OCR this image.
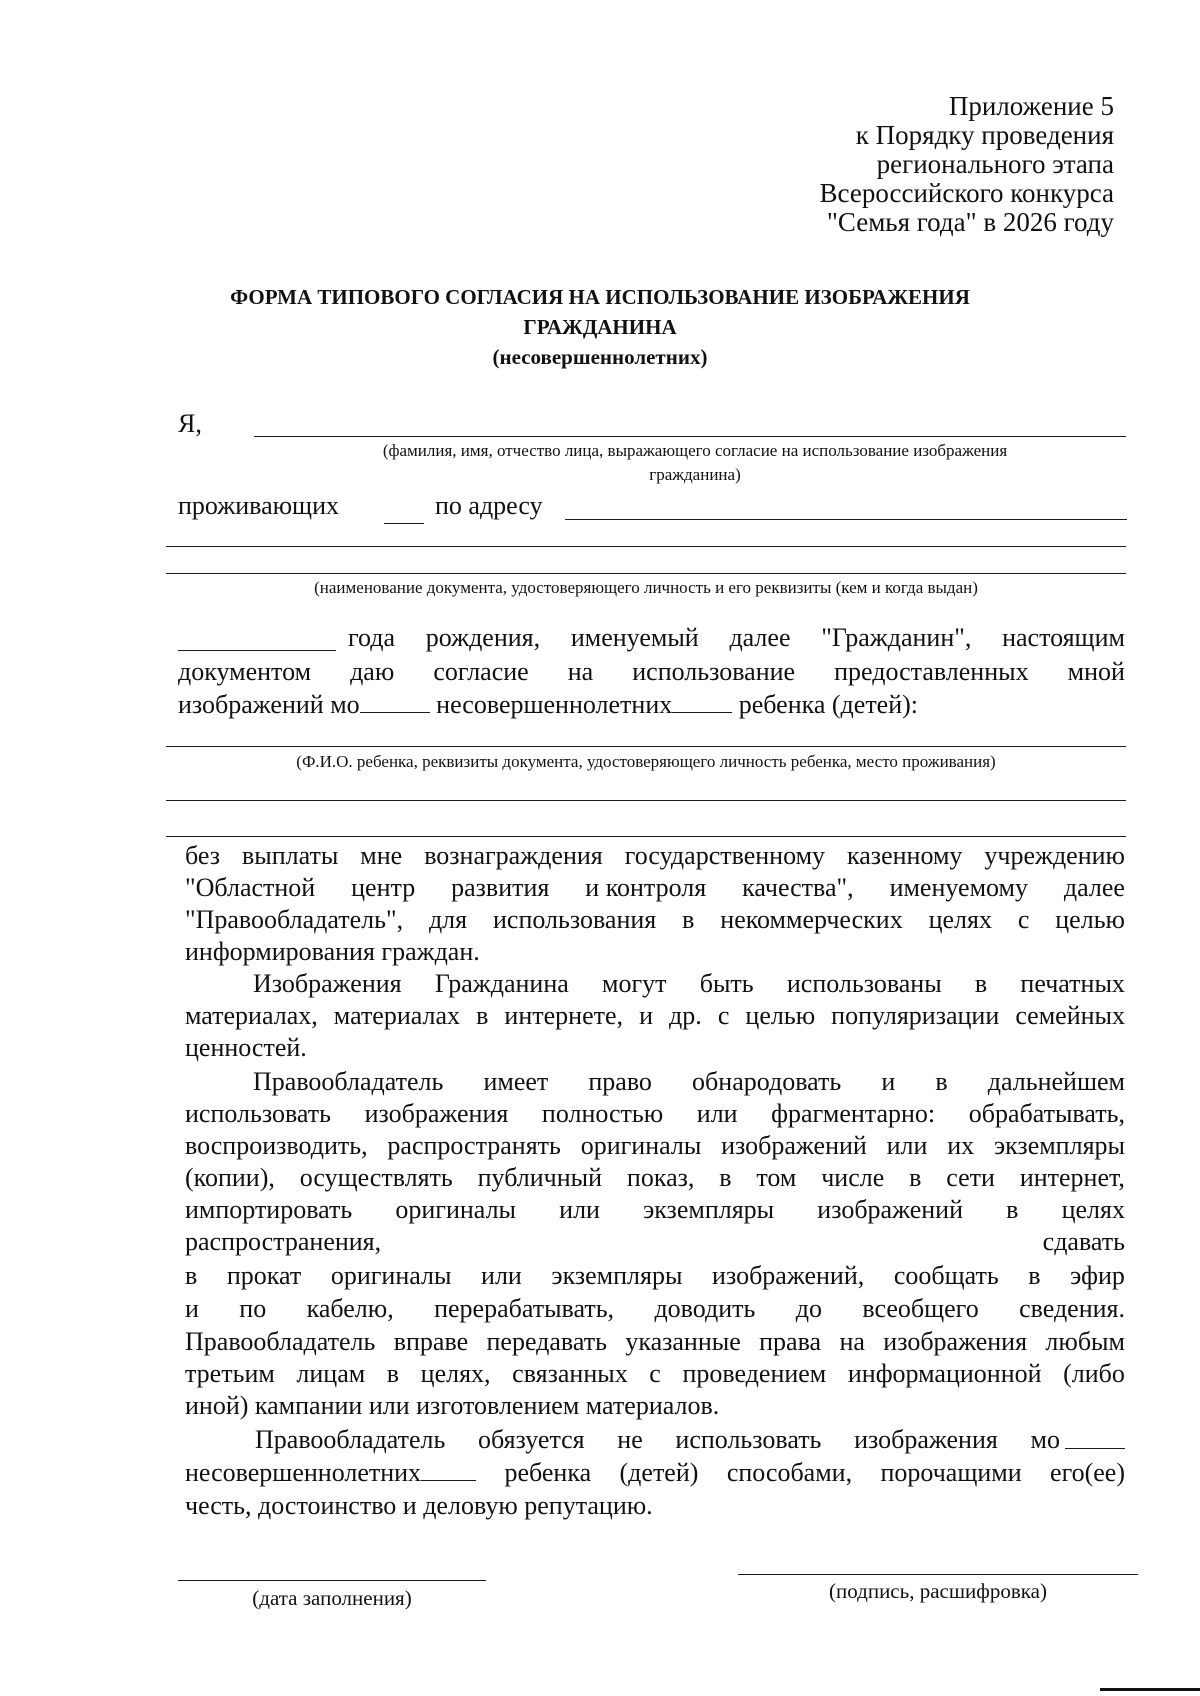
Приложение 5
к Порядку проведения
регионального этапа
Всероссийского конкурса
"Семья года" в 2026 году
ФОРМА ТИПОВОГО СОГЛАСИЯ НА ИСПОЛЬЗОВАНИЕ ИЗОБРАЖЕНИЯ
ГРАЖДАНИНА
(несовершеннолетних)
Я,
(фамилия, имя, отчество лица, выражающего согласие на использование изображения
гражданина)
проживающих	по адресу
(наименование документа, удостоверяющего личность и его реквизиты (кем и когда выдан)
года рождения, именуемый далее "Гражданин", настоящим
документом даю согласие на использование предоставленных мной
изображений мо	несовершеннолетних	ребенка (детей):
(Ф.И.О. ребенка, реквизиты документа, удостоверяющего личность ребенка, место проживания)
без выплаты мне вознаграждения государственному казенному учреждению
"Областной центр развития и контроля качества", именуемому далее
"Правообладатель", для использования в некоммерческих целях с целью
информирования граждан.
Изображения Гражданина могут быть использованы в печатных
материалах, материалах в интернете, и др. с целью популяризации семейных
ценностей.
Правообладатель имеет право обнародовать и в дальнейшем
использовать изображения полностью или фрагментарно: обрабатывать,
воспроизводить, распространять оригиналы изображений или их экземпляры
(копии), осуществлять публичный показ, в том числе в сети интернет,
импортировать оригиналы или экземпляры изображений в целях
распространения,	сдавать
в прокат оригиналы или экземпляры изображений, сообщать в эфир
и по кабелю, перерабатывать, доводить до всеобщего сведения.
Правообладатель вправе передавать указанные права на изображения любым
третьим лицам в целях, связанных с проведением информационной (либо
иной) кампании или изготовлением материалов.
Правообладатель обязуется не использовать изображения мо
несовершеннолетних	ребенка (детей) способами, порочащими его(ее)
честь, достоинство и деловую репутацию.
(дата заполнения)	(подпись, расшифровка)
